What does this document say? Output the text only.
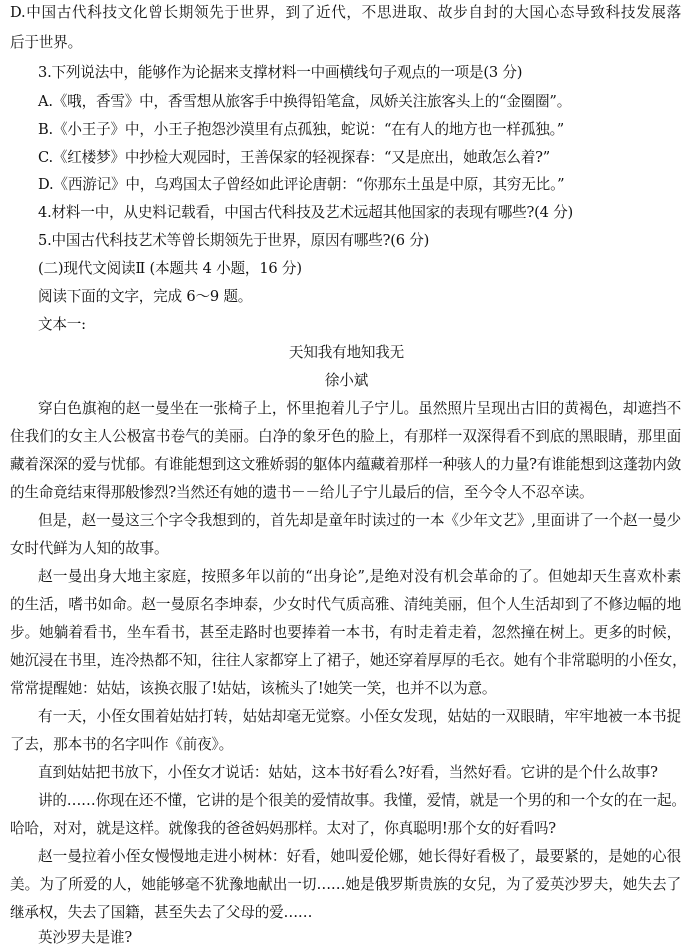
D.中国古代科技文化曾长期领先于世界，到了近代，不思进取、故步自封的大国心态导致科技发展落
后于世界。
3.下列说法中，能够作为论据来支撑材料一中画横线句子观点的一项是(3 分)
A.《哦，香雪》中，香雪想从旅客手中换得铅笔盒，凤娇关注旅客头上的“金圈圈”。
B.《小王子》中，小王子抱怨沙漠里有点孤独，蛇说：“在有人的地方也一样孤独。”
C.《红楼梦》中抄检大观园时，王善保家的轻视探春：“又是庶出，她敢怎么着?”
D.《西游记》中，乌鸡国太子曾经如此评论唐朝：“你那东土虽是中原，其穷无比。”
4.材料一中，从史料记载看，中国古代科技及艺术远超其他国家的表现有哪些?(4 分)
5.中国古代科技艺术等曾长期领先于世界，原因有哪些?(6 分)
(二)现代文阅读Ⅱ (本题共 4 小题，16 分)
阅读下面的文字，完成 6～9 题。
文本一:
天知我有地知我无
徐小斌
穿白色旗袍的赵一曼坐在一张椅子上，怀里抱着儿子宁儿。虽然照片呈现出古旧的黄褐色，却遮挡不
住我们的女主人公极富书卷气的美丽。白净的象牙色的脸上，有那样一双深得看不到底的黑眼睛，那里面
藏着深深的爱与忧郁。有谁能想到这文雅娇弱的躯体内蕴藏着那样一种骇人的力量?有谁能想到这蓬勃内敛
的生命竟结束得那般惨烈?当然还有她的遗书－－给儿子宁儿最后的信，至今令人不忍卒读。
但是，赵一曼这三个字令我想到的，首先却是童年时读过的一本《少年文艺》,里面讲了一个赵一曼少
女时代鲜为人知的故事。
赵一曼出身大地主家庭，按照多年以前的“出身论”,是绝对没有机会革命的了。但她却天生喜欢朴素
的生活，嗜书如命。赵一曼原名李坤泰，少女时代气质高雅、清纯美丽，但个人生活却到了不修边幅的地
步。她躺着看书，坐车看书，甚至走路时也要捧着一本书，有时走着走着，忽然撞在树上。更多的时候，
她沉浸在书里，连冷热都不知，往往人家都穿上了裙子，她还穿着厚厚的毛衣。她有个非常聪明的小侄女，
常常提醒她：姑姑，该换衣服了!姑姑，该梳头了!她笑一笑，也并不以为意。
有一天，小侄女围着姑姑打转，姑姑却毫无觉察。小侄女发现，姑姑的一双眼睛，牢牢地被一本书捉
了去，那本书的名字叫作《前夜》。
直到姑姑把书放下，小侄女才说话：姑姑，这本书好看么?好看，当然好看。它讲的是个什么故事?
讲的……你现在还不懂，它讲的是个很美的爱情故事。我懂，爱情，就是一个男的和一个女的在一起。
哈哈，对对，就是这样。就像我的爸爸妈妈那样。太对了，你真聪明!那个女的好看吗?
赵一曼拉着小侄女慢慢地走进小树林：好看，她叫爱伦娜，她长得好看极了，最要紧的，是她的心很
美。为了所爱的人，她能够毫不犹豫地献出一切……她是俄罗斯贵族的女兒，为了爱英沙罗夫，她失去了
继承权，失去了国籍，甚至失去了父母的爱……
英沙罗夫是谁?
